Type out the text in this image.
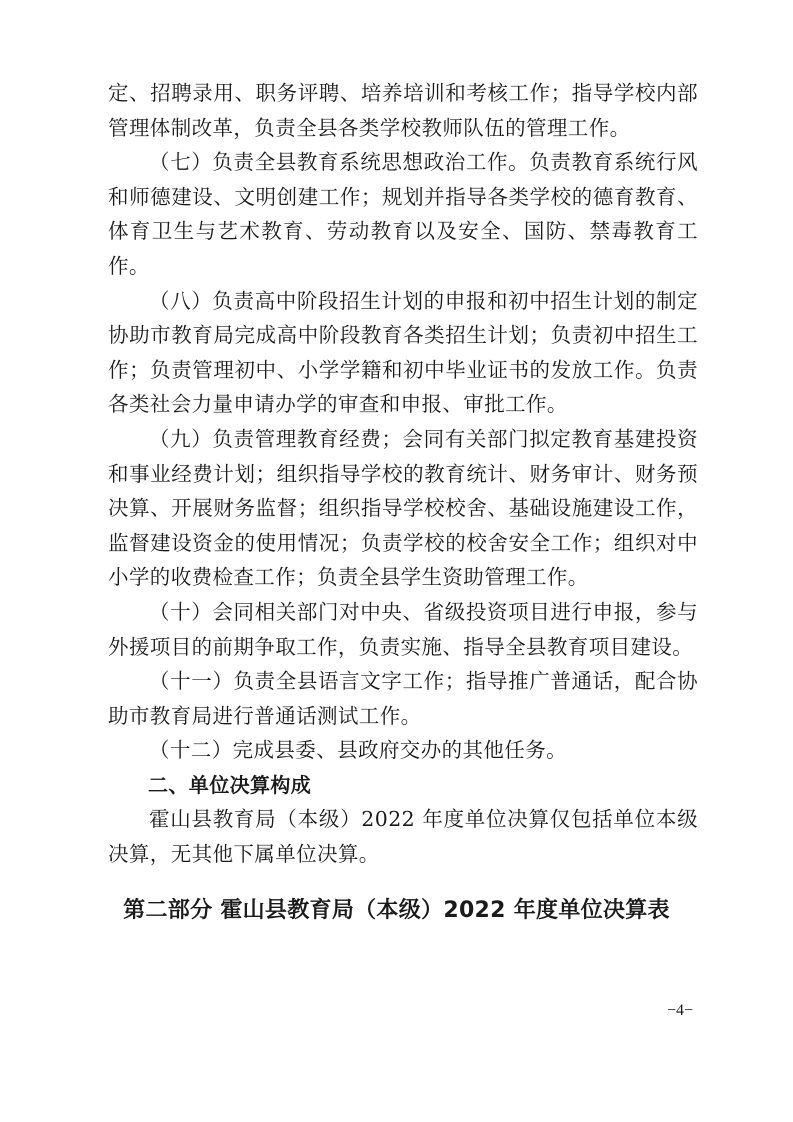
定、招聘录用、职务评聘、培养培训和考核工作；指导学校内部管理体制改革，负责全县各类学校教师队伍的管理工作。

（七）负责全县教育系统思想政治工作。负责教育系统行风和师德建设、文明创建工作；规划并指导各类学校的德育教育、体育卫生与艺术教育、劳动教育以及安全、国防、禁毒教育工作。

（八）负责高中阶段招生计划的申报和初中招生计划的制定协助市教育局完成高中阶段教育各类招生计划；负责初中招生工作；负责管理初中、小学学籍和初中毕业证书的发放工作。负责各类社会力量申请办学的审查和申报、审批工作。

（九）负责管理教育经费；会同有关部门拟定教育基建投资和事业经费计划；组织指导学校的教育统计、财务审计、财务预决算、开展财务监督；组织指导学校校舍、基础设施建设工作，监督建设资金的使用情况；负责学校的校舍安全工作；组织对中小学的收费检查工作；负责全县学生资助管理工作。

（十）会同相关部门对中央、省级投资项目进行申报，参与外援项目的前期争取工作，负责实施、指导全县教育项目建设。

（十一）负责全县语言文字工作；指导推广普通话，配合协助市教育局进行普通话测试工作。

（十二）完成县委、县政府交办的其他任务。

二、单位决算构成

霍山县教育局（本级）2022 年度单位决算仅包括单位本级决算，无其他下属单位决算。

第二部分 霍山县教育局（本级）2022 年度单位决算表
−4−
